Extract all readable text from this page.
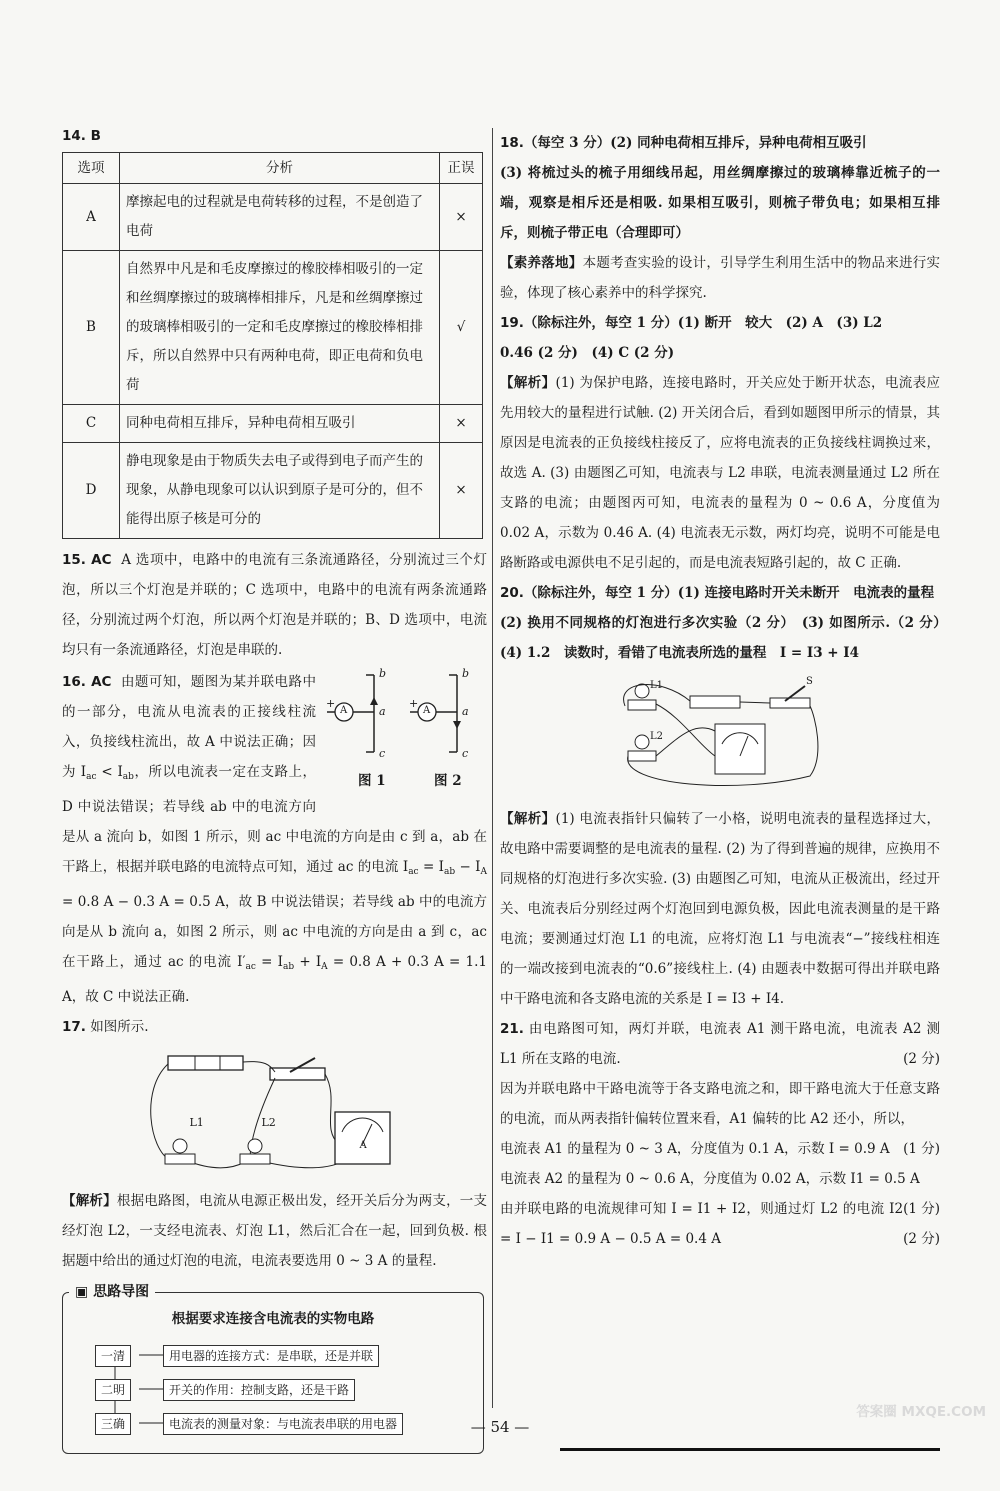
14. B
选项	分析	正误
A	摩擦起电的过程就是电荷转移的过程，不是创造了电荷	×
B	自然界中凡是和毛皮摩擦过的橡胶棒相吸引的一定和丝绸摩擦过的玻璃棒相排斥，凡是和丝绸摩擦过的玻璃棒相吸引的一定和毛皮摩擦过的橡胶棒相排斥，所以自然界中只有两种电荷，即正电荷和负电荷	√
C	同种电荷相互排斥，异种电荷相互吸引	×
D	静电现象是由于物质失去电子或得到电子而产生的现象，从静电现象可以认识到原子是可分的，但不能得出原子核是可分的	×

15. AC A 选项中，电路中的电流有三条流通路径，分别流过三个灯泡，所以三个灯泡是并联的；C 选项中，电路中的电流有两条流通路径，分别流过两个灯泡，所以两个灯泡是并联的；B、D 选项中，电流均只有一条流通路径，灯泡是串联的.

A	A
+	+
b
a
c
b
a
c
图 1	图 2

16. AC 由题可知，题图为某并联电路中的一部分，电流从电流表的正接线柱流入，负接线柱流出，故 A 中说法正确；因为 $I_{ac} < I_{ab}$，所以电流表一定在支路上，D 中说法错误；若导线 ab 中的电流方向是从 a 流向 b，如图 1 所示，则 ac 中电流的方向是由 c 到 a，ab 在干路上，根据并联电路的电流特点可知，通过 ac 的电流 $I_{ac} = I_{ab} - I_A = 0.8$ A − 0.3 A = 0.5 A，故 B 中说法错误；若导线 ab 中的电流方向是从 b 流向 a，如图 2 所示，则 ac 中电流的方向是由 a 到 c，ac 在干路上，通过 ac 的电流 $I'_{ac} = I_{ab} + I_A = 0.8$ A + 0.3 A = 1.1 A，故 C 中说法正确.

17. 如图所示.

L1	L2
A

【解析】根据电路图，电流从电源正极出发，经开关后分为两支，一支经灯泡 L2，一支经电流表、灯泡 L1，然后汇合在一起，回到负极. 根据题中给出的通过灯泡的电流，电流表要选用 0 ~ 3 A 的量程.

▣ 思路导图
根据要求连接含电流表的实物电路
一清	用电器的连接方式：是串联，还是并联
二明	开关的作用：控制支路，还是干路
三确	电流表的测量对象：与电流表串联的用电器

18.（每空 3 分）(2) 同种电荷相互排斥，异种电荷相互吸引

(3) 将梳过头的梳子用细线吊起，用丝绸摩擦过的玻璃棒靠近梳子的一端，观察是相斥还是相吸. 如果相互吸引，则梳子带负电；如果相互排斥，则梳子带正电（合理即可）

【素养落地】本题考查实验的设计，引导学生利用生活中的物品来进行实验，体现了核心素养中的科学探究.

19.（除标注外，每空 1 分）(1) 断开　较大　(2) A　(3) L2

0.46 (2 分)　(4) C (2 分)

【解析】(1) 为保护电路，连接电路时，开关应处于断开状态，电流表应先用较大的量程进行试触. (2) 开关闭合后，看到如题图甲所示的情景，其原因是电流表的正负接线柱接反了，应将电流表的正负接线柱调换过来，故选 A. (3) 由题图乙可知，电流表与 L2 串联，电流表测量通过 L2 所在支路的电流；由题图丙可知，电流表的量程为 0 ~ 0.6 A，分度值为 0.02 A，示数为 0.46 A. (4) 电流表无示数，两灯均亮，说明不可能是电路断路或电源供电不足引起的，而是电流表短路引起的，故 C 正确.

20.（除标注外，每空 1 分）(1) 连接电路时开关未断开　电流表的量程

(2) 换用不同规格的灯泡进行多次实验（2 分）　(3) 如图所示.（2 分）　(4) 1.2　读数时，看错了电流表所选的量程　I = I3 + I4

L1
L2
S

【解析】(1) 电流表指针只偏转了一小格，说明电流表的量程选择过大，故电路中需要调整的是电流表的量程. (2) 为了得到普遍的规律，应换用不同规格的灯泡进行多次实验. (3) 由题图乙可知，电流从正极流出，经过开关、电流表后分别经过两个灯泡回到电源负极，因此电流表测量的是干路电流；要测通过灯泡 L1 的电流，应将灯泡 L1 与电流表“−”接线柱相连的一端改接到电流表的“0.6”接线柱上. (4) 由题表中数据可得出并联电路中干路电流和各支路电流的关系是 I = I3 + I4.

21. 由电路图可知，两灯并联，电流表 A1 测干路电流，电流表 A2 测 L1 所在支路的电流.	(2 分)

因为并联电路中干路电流等于各支路电流之和，即干路电流大于任意支路的电流，而从两表指针偏转位置来看，A1 偏转的比 A2 还小，所以，

电流表 A1 的量程为 0 ~ 3 A，分度值为 0.1 A，示数 I = 0.9 A (1 分)

电流表 A2 的量程为 0 ~ 0.6 A，分度值为 0.02 A，示数 I1 = 0.5 A
(1 分)

由并联电路的电流规律可知 I = I1 + I2，则通过灯 L2 的电流 I2 = I − I1 = 0.9 A − 0.5 A = 0.4 A	(2 分)

— 54 —
答案圈 MXQE.COM
